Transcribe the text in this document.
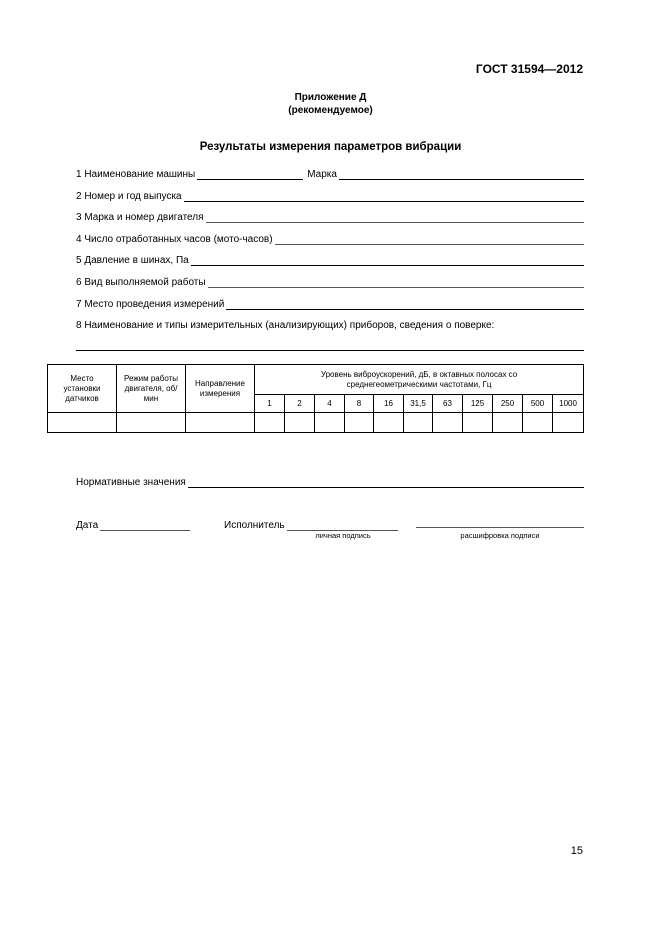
ГОСТ 31594—2012
Приложение Д
(рекомендуемое)
Результаты измерения параметров вибрации
1 Наименование машины	Марка
2 Номер и год выпуска
3 Марка и номер двигателя
4 Число отработанных часов (мото-часов)
5 Давление в шинах, Па
6 Вид выполняемой работы
7 Место проведения измерений
8 Наименование и типы измерительных (анализирующих) приборов, сведения о поверке:
Место установки датчиков	Режим работы двигателя, об/мин	Направление измерения	Уровень виброускорений, дБ, в октавных полосах со среднегеометрическими частотами, Гц										
			1	2	4	8	16	31,5	63	125	250	500	1000

Нормативные значения
Дата	Исполнитель
личная подпись	расшифровка подписи
15
